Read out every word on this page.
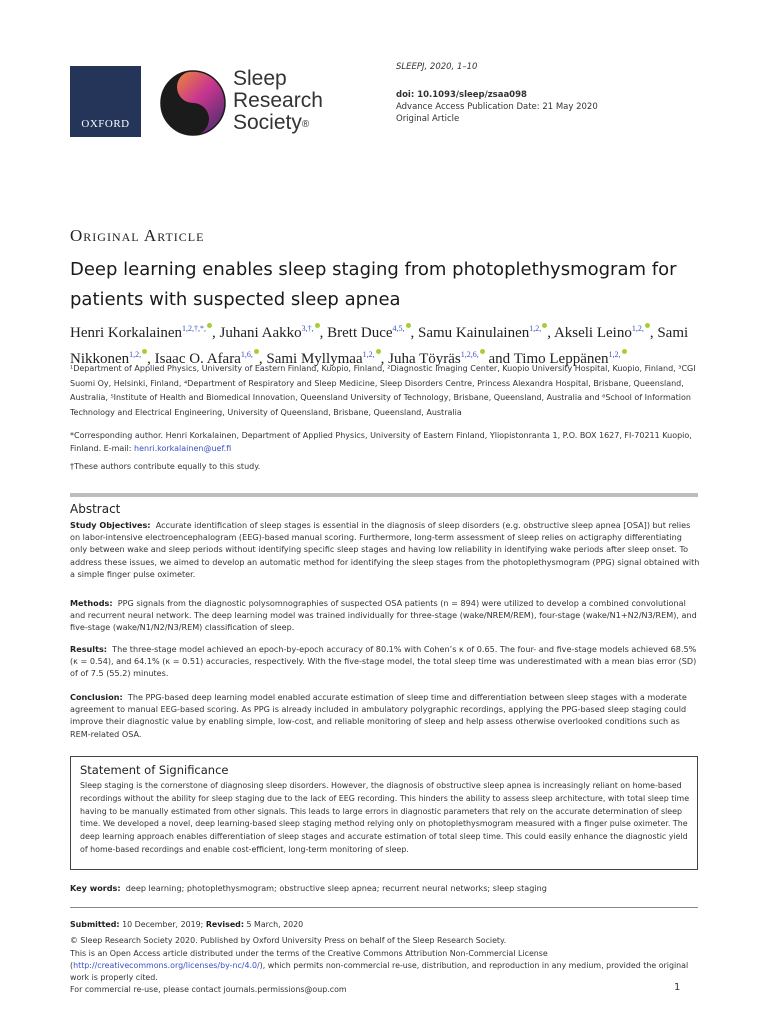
OXFORD
Sleep
Research
Society®
SLEEPJ, 2020, 1–10
doi: 10.1093/sleep/zsaa098
Advance Access Publication Date: 21 May 2020
Original Article
Original Article
Deep learning enables sleep staging from photoplethysmogram for patients with suspected sleep apnea
Henri Korkalainen$^{1,2,\dagger,*,}$ , Juhani Aakko$^{3,\dagger,}$ , Brett Duce$^{4,5,}$ , Samu Kainulainen$^{1,2,}$ , Akseli Leino$^{1,2,}$ , Sami Nikkonen$^{1,2,}$ , Isaac O. Afara$^{1,6,}$ , Sami Myllymaa$^{1,2,}$ , Juha Töyräs$^{1,2,6,}$ and Timo Leppänen$^{1,2,}$
¹Department of Applied Physics, University of Eastern Finland, Kuopio, Finland, ²Diagnostic Imaging Center, Kuopio University Hospital, Kuopio, Finland, ³CGI Suomi Oy, Helsinki, Finland, ⁴Department of Respiratory and Sleep Medicine, Sleep Disorders Centre, Princess Alexandra Hospital, Brisbane, Queensland, Australia, ⁵Institute of Health and Biomedical Innovation, Queensland University of Technology, Brisbane, Queensland, Australia and ⁶School of Information Technology and Electrical Engineering, University of Queensland, Brisbane, Queensland, Australia
*Corresponding author. Henri Korkalainen, Department of Applied Physics, University of Eastern Finland, Yliopistonranta 1, P.O. BOX 1627, FI-70211 Kuopio, Finland. E-mail: henri.korkalainen@uef.fi
†These authors contribute equally to this study.
Abstract
Study Objectives: Accurate identification of sleep stages is essential in the diagnosis of sleep disorders (e.g. obstructive sleep apnea [OSA]) but relies on labor-intensive electroencephalogram (EEG)-based manual scoring. Furthermore, long-term assessment of sleep relies on actigraphy differentiating only between wake and sleep periods without identifying specific sleep stages and having low reliability in identifying wake periods after sleep onset. To address these issues, we aimed to develop an automatic method for identifying the sleep stages from the photoplethysmogram (PPG) signal obtained with a simple finger pulse oximeter.
Methods: PPG signals from the diagnostic polysomnographies of suspected OSA patients (n = 894) were utilized to develop a combined convolutional and recurrent neural network. The deep learning model was trained individually for three-stage (wake/NREM/REM), four-stage (wake/N1+N2/N3/REM), and five-stage (wake/N1/N2/N3/REM) classification of sleep.
Results: The three-stage model achieved an epoch-by-epoch accuracy of 80.1% with Cohen’s κ of 0.65. The four- and five-stage models achieved 68.5% (κ = 0.54), and 64.1% (κ = 0.51) accuracies, respectively. With the five-stage model, the total sleep time was underestimated with a mean bias error (SD) of of 7.5 (55.2) minutes.
Conclusion: The PPG-based deep learning model enabled accurate estimation of sleep time and differentiation between sleep stages with a moderate agreement to manual EEG-based scoring. As PPG is already included in ambulatory polygraphic recordings, applying the PPG-based sleep staging could improve their diagnostic value by enabling simple, low-cost, and reliable monitoring of sleep and help assess otherwise overlooked conditions such as REM-related OSA.
Statement of Significance
Sleep staging is the cornerstone of diagnosing sleep disorders. However, the diagnosis of obstructive sleep apnea is increasingly reliant on home-based recordings without the ability for sleep staging due to the lack of EEG recording. This hinders the ability to assess sleep architecture, with total sleep time having to be manually estimated from other signals. This leads to large errors in diagnostic parameters that rely on the accurate determination of sleep time. We developed a novel, deep learning-based sleep staging method relying only on photoplethysmogram measured with a finger pulse oximeter. The deep learning approach enables differentiation of sleep stages and accurate estimation of total sleep time. This could easily enhance the diagnostic yield of home-based recordings and enable cost-efficient, long-term monitoring of sleep.
Key words: deep learning; photoplethysmogram; obstructive sleep apnea; recurrent neural networks; sleep staging
Submitted: 10 December, 2019; Revised: 5 March, 2020
© Sleep Research Society 2020. Published by Oxford University Press on behalf of the Sleep Research Society.
This is an Open Access article distributed under the terms of the Creative Commons Attribution Non-Commercial License (http://creativecommons.org/licenses/by-nc/4.0/), which permits non-commercial re-use, distribution, and reproduction in any medium, provided the original work is properly cited.
For commercial re-use, please contact journals.permissions@oup.com	1
